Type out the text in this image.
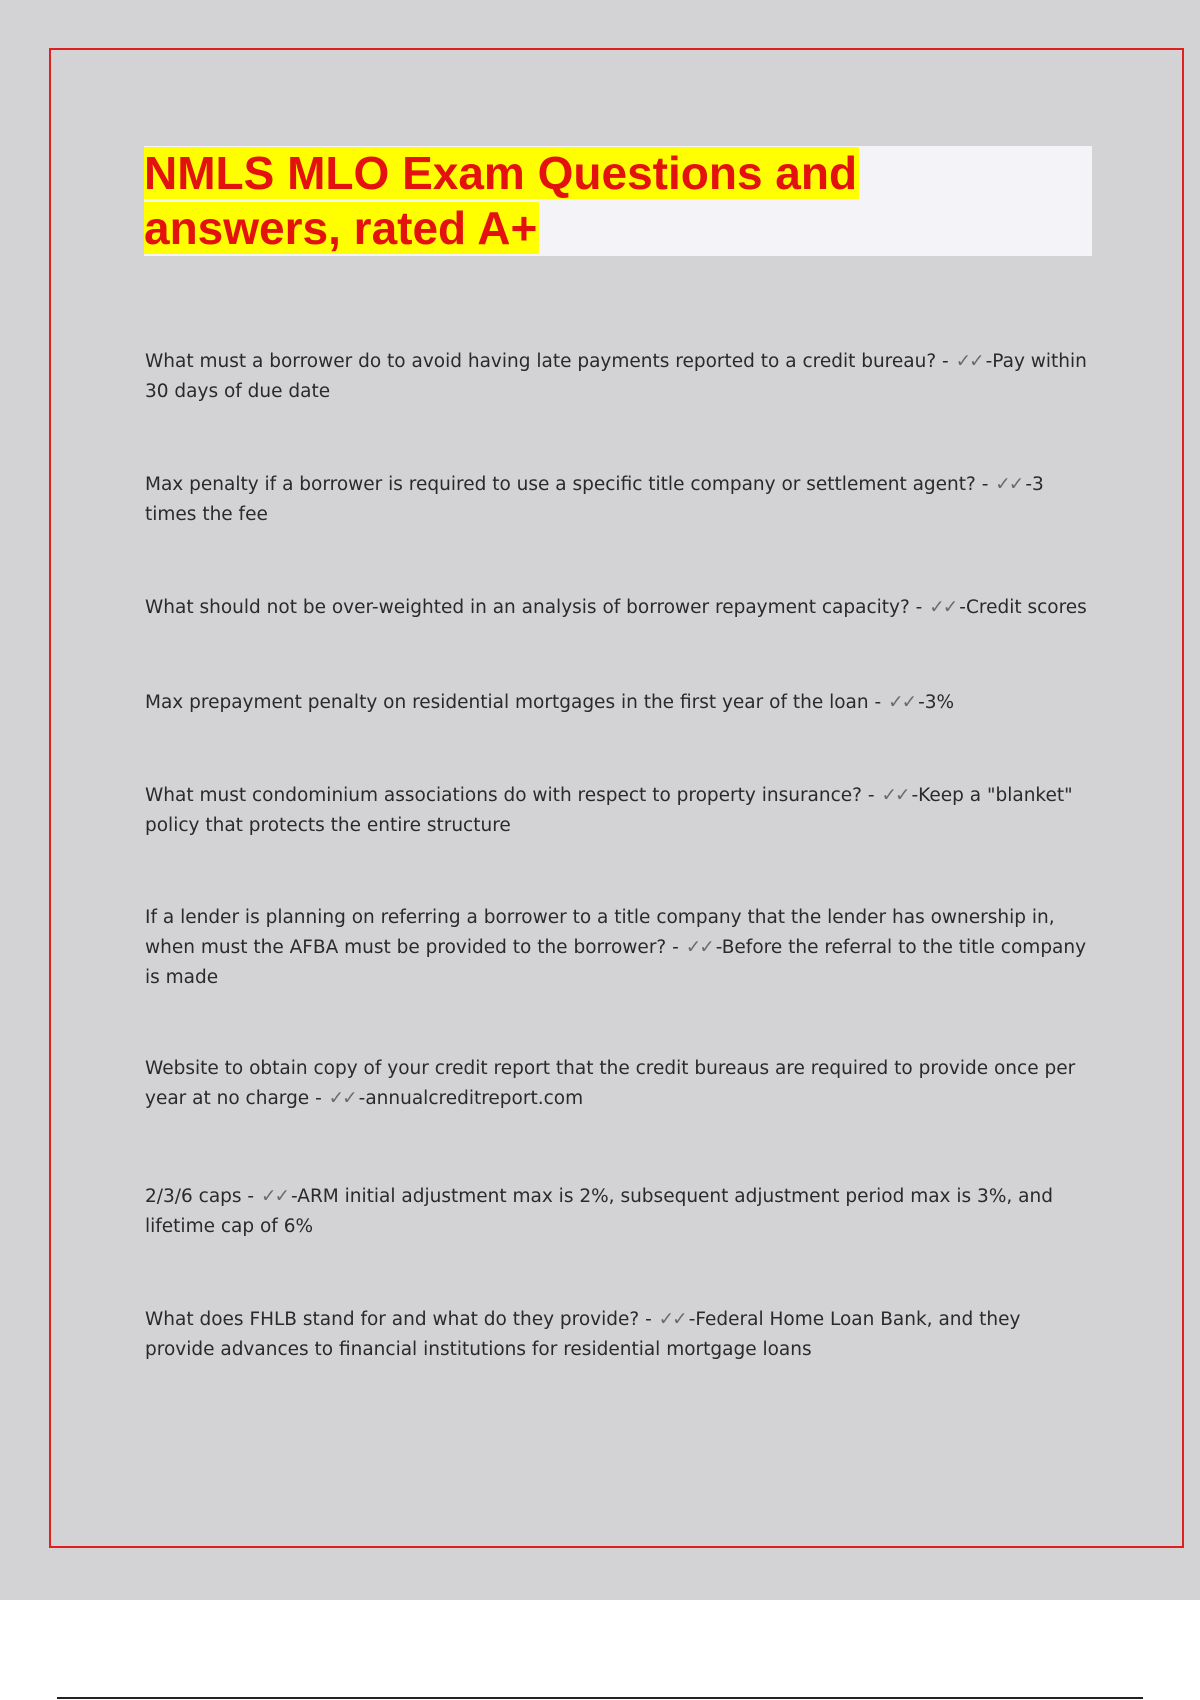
NMLS MLO Exam Questions and
answers, rated A+

What must a borrower do to avoid having late payments reported to a credit bureau? - ✓✓ -Pay within 30 days of due date

Max penalty if a borrower is required to use a specific title company or settlement agent? - ✓✓ -3 times the fee

What should not be over-weighted in an analysis of borrower repayment capacity? - ✓✓ -Credit scores

Max prepayment penalty on residential mortgages in the first year of the loan - ✓✓ -3%

What must condominium associations do with respect to property insurance? - ✓✓ -Keep a "blanket" policy that protects the entire structure

If a lender is planning on referring a borrower to a title company that the lender has ownership in, when must the AFBA must be provided to the borrower? - ✓✓ -Before the referral to the title company is made

Website to obtain copy of your credit report that the credit bureaus are required to provide once per year at no charge - ✓✓ -annualcreditreport.com

2/3/6 caps - ✓✓ -ARM initial adjustment max is 2%, subsequent adjustment period max is 3%, and lifetime cap of 6%

What does FHLB stand for and what do they provide? - ✓✓ -Federal Home Loan Bank, and they provide advances to financial institutions for residential mortgage loans
